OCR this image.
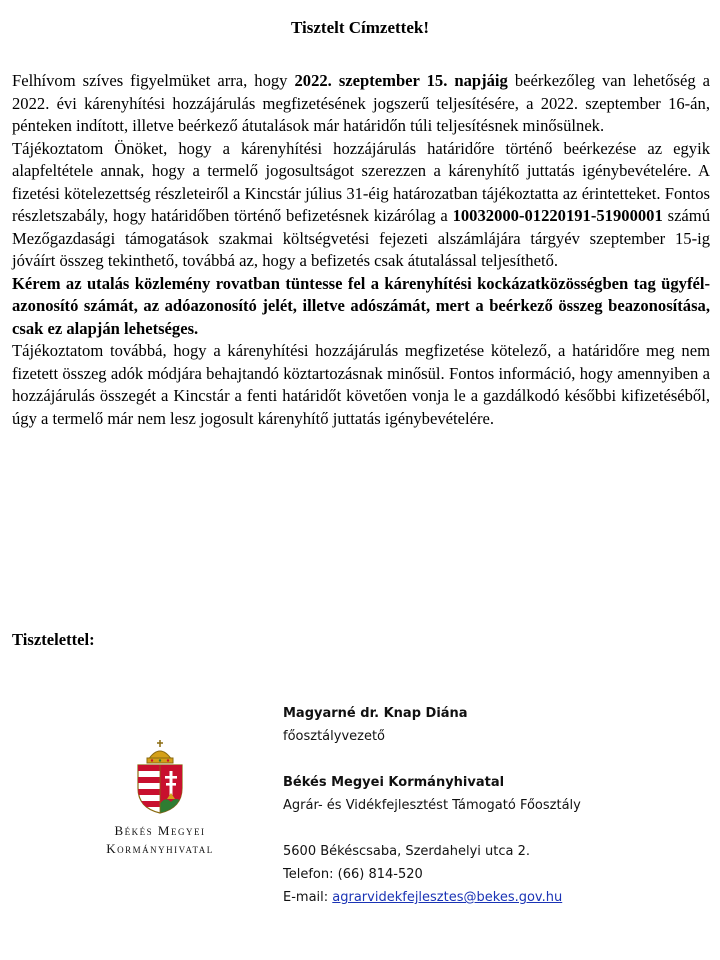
Tisztelt Címzettek!

Felhívom szíves figyelmüket arra, hogy 2022. szeptember 15. napjáig beérkezőleg van lehetőség a 2022. évi kárenyhítési hozzájárulás megfizetésének jogszerű teljesítésére, a 2022. szeptember 16-án, pénteken indított, illetve beérkező átutalások már határidőn túli teljesítésnek minősülnek.

Tájékoztatom Önöket, hogy a kárenyhítési hozzájárulás határidőre történő beérkezése az egyik alapfeltétele annak, hogy a termelő jogosultságot szerezzen a kárenyhítő juttatás igénybevételére. A fizetési kötelezettség részleteiről a Kincstár július 31-éig határozatban tájékoztatta az érintetteket. Fontos részletszabály, hogy határidőben történő befizetésnek kizárólag a 10032000-01220191-51900001 számú Mezőgazdasági támogatások szakmai költségvetési fejezeti alszámlájára tárgyév szeptember 15-ig jóváírt összeg tekinthető, továbbá az, hogy a befizetés csak átutalással teljesíthető.

Kérem az utalás közlemény rovatban tüntesse fel a kárenyhítési kockázatközösségben tag ügyfél-azonosító számát, az adóazonosító jelét, illetve adószámát, mert a beérkező összeg beazonosítása, csak ez alapján lehetséges.

Tájékoztatom továbbá, hogy a kárenyhítési hozzájárulás megfizetése kötelező, a határidőre meg nem fizetett összeg adók módjára behajtandó köztartozásnak minősül. Fontos információ, hogy amennyiben a hozzájárulás összegét a Kincstár a fenti határidőt követően vonja le a gazdálkodó későbbi kifizetéséből, úgy a termelő már nem lesz jogosult kárenyhítő juttatás igénybevételére.

Tisztelettel:

Békés Megyei
Kormányhivatal
Magyarné dr. Knap Diána
főosztályvezető
Békés Megyei Kormányhivatal
Agrár- és Vidékfejlesztést Támogató Főosztály
5600 Békéscsaba, Szerdahelyi utca 2.
Telefon: (66) 814-520
E-mail: agrarvidekfejlesztes@bekes.gov.hu
